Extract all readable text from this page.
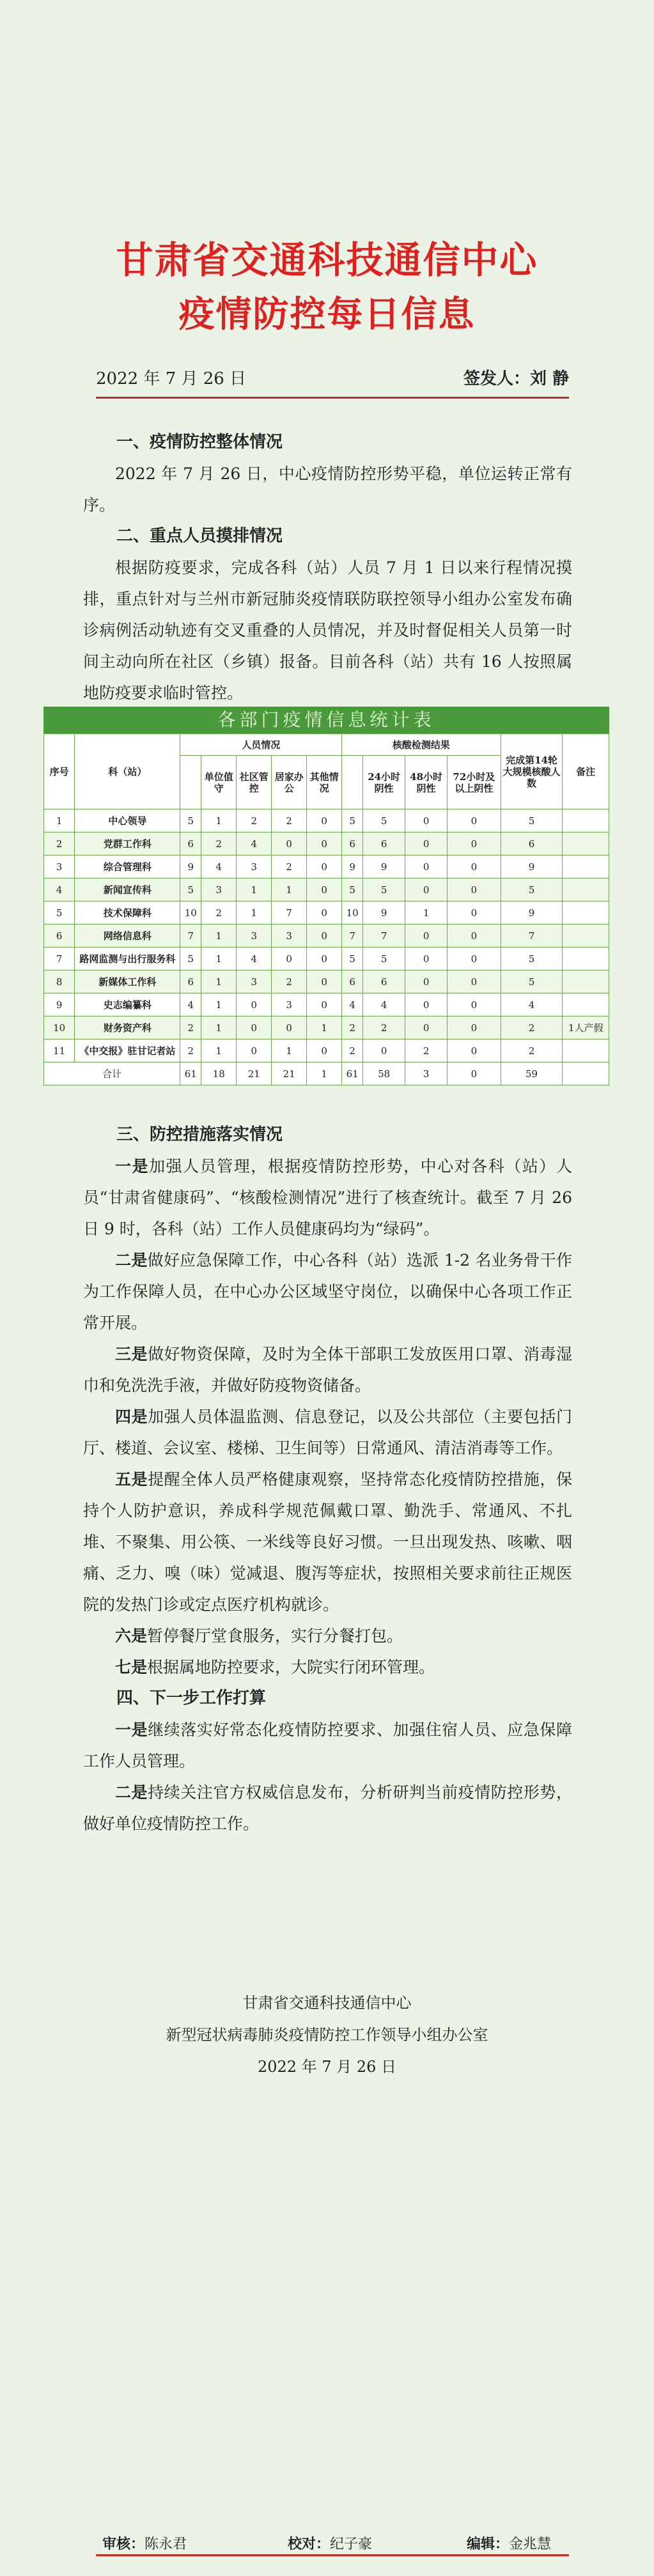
甘肃省交通科技通信中心
疫情防控每日信息
2022 年 7 月 26 日	签发人：刘 静
一、疫情防控整体情况
2022 年 7 月 26 日，中心疫情防控形势平稳，单位运转正常有序。
二、重点人员摸排情况
根据防疫要求，完成各科（站）人员 7 月 1 日以来行程情况摸排，重点针对与兰州市新冠肺炎疫情联防联控领导小组办公室发布确诊病例活动轨迹有交叉重叠的人员情况，并及时督促相关人员第一时间主动向所在社区（乡镇）报备。目前各科（站）共有 16 人按照属地防疫要求临时管控。
各部门疫情信息统计表
序号	科（站）	人员情况					核酸检测结果				完成第14轮大规模核酸人数	备注
			单位值守	社区管控	居家办公	其他情况		24小时阴性	48小时阴性	72小时及以上阴性		
1	中心领导	5	1	2	2	0	5	5	0	0	5	
2	党群工作科	6	2	4	0	0	6	6	0	0	6	
3	综合管理科	9	4	3	2	0	9	9	0	0	9	
4	新闻宣传科	5	3	1	1	0	5	5	0	0	5	
5	技术保障科	10	2	1	7	0	10	9	1	0	9	
6	网络信息科	7	1	3	3	0	7	7	0	0	7	
7	路网监测与出行服务科	5	1	4	0	0	5	5	0	0	5	
8	新媒体工作科	6	1	3	2	0	6	6	0	0	5	
9	史志编纂科	4	1	0	3	0	4	4	0	0	4	
10	财务资产科	2	1	0	0	1	2	2	0	0	2	1人产假
11	《中交报》驻甘记者站	2	1	0	1	0	2	0	2	0	2	
合计		61	18	21	21	1	61	58	3	0	59	
三、防控措施落实情况
一是加强人员管理，根据疫情防控形势，中心对各科（站）人员“甘肃省健康码”、“核酸检测情况”进行了核查统计。截至 7 月 26 日 9 时，各科（站）工作人员健康码均为“绿码”。
二是做好应急保障工作，中心各科（站）选派 1-2 名业务骨干作为工作保障人员，在中心办公区域坚守岗位，以确保中心各项工作正常开展。
三是做好物资保障，及时为全体干部职工发放医用口罩、消毒湿巾和免洗洗手液，并做好防疫物资储备。
四是加强人员体温监测、信息登记，以及公共部位（主要包括门厅、楼道、会议室、楼梯、卫生间等）日常通风、清洁消毒等工作。
五是提醒全体人员严格健康观察，坚持常态化疫情防控措施，保持个人防护意识，养成科学规范佩戴口罩、勤洗手、常通风、不扎堆、不聚集、用公筷、一米线等良好习惯。一旦出现发热、咳嗽、咽痛、乏力、嗅（味）觉减退、腹泻等症状，按照相关要求前往正规医院的发热门诊或定点医疗机构就诊。
六是暂停餐厅堂食服务，实行分餐打包。
七是根据属地防控要求，大院实行闭环管理。
四、下一步工作打算
一是继续落实好常态化疫情防控要求、加强住宿人员、应急保障工作人员管理。
二是持续关注官方权威信息发布，分析研判当前疫情防控形势，做好单位疫情防控工作。
甘肃省交通科技通信中心
新型冠状病毒肺炎疫情防控工作领导小组办公室
2022 年 7 月 26 日
审核：陈永君	校对：纪子豪	编辑：金兆慧
